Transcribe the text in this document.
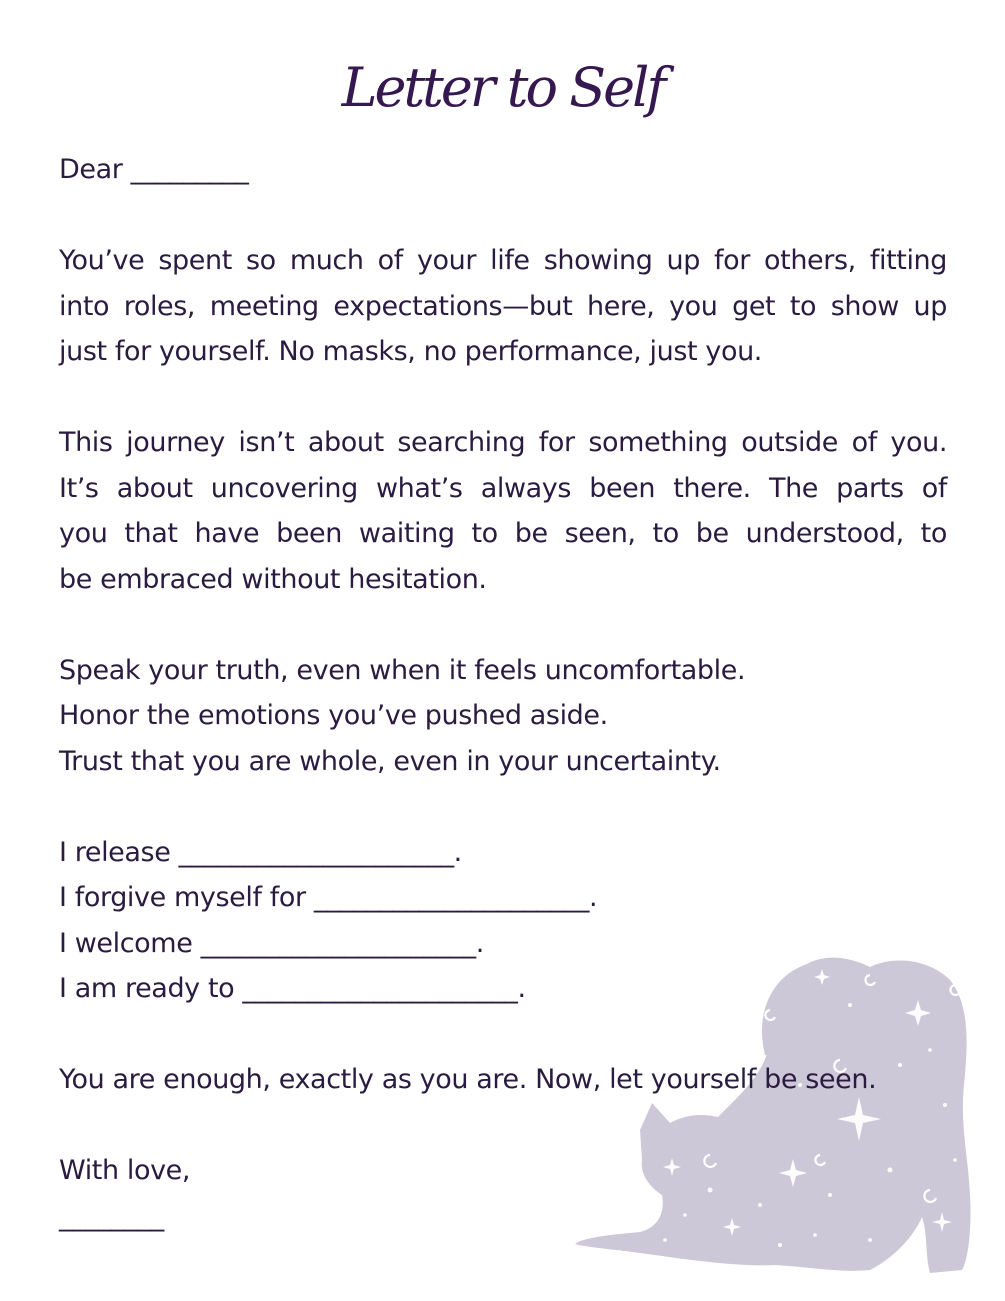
Letter to Self
Dear _________
You’ve spent so much of your life showing up for others, fitting
into roles, meeting expectations—but here, you get to show up
just for yourself. No masks, no performance, just you.
This journey isn’t about searching for something outside of you.
It’s about uncovering what’s always been there. The parts of
you that have been waiting to be seen, to be understood, to
be embraced without hesitation.
Speak your truth, even when it feels uncomfortable.
Honor the emotions you’ve pushed aside.
Trust that you are whole, even in your uncertainty.
I release _____________________.
I forgive myself for _____________________.
I welcome _____________________.
I am ready to _____________________.
You are enough, exactly as you are. Now, let yourself be seen.
With love,
________
